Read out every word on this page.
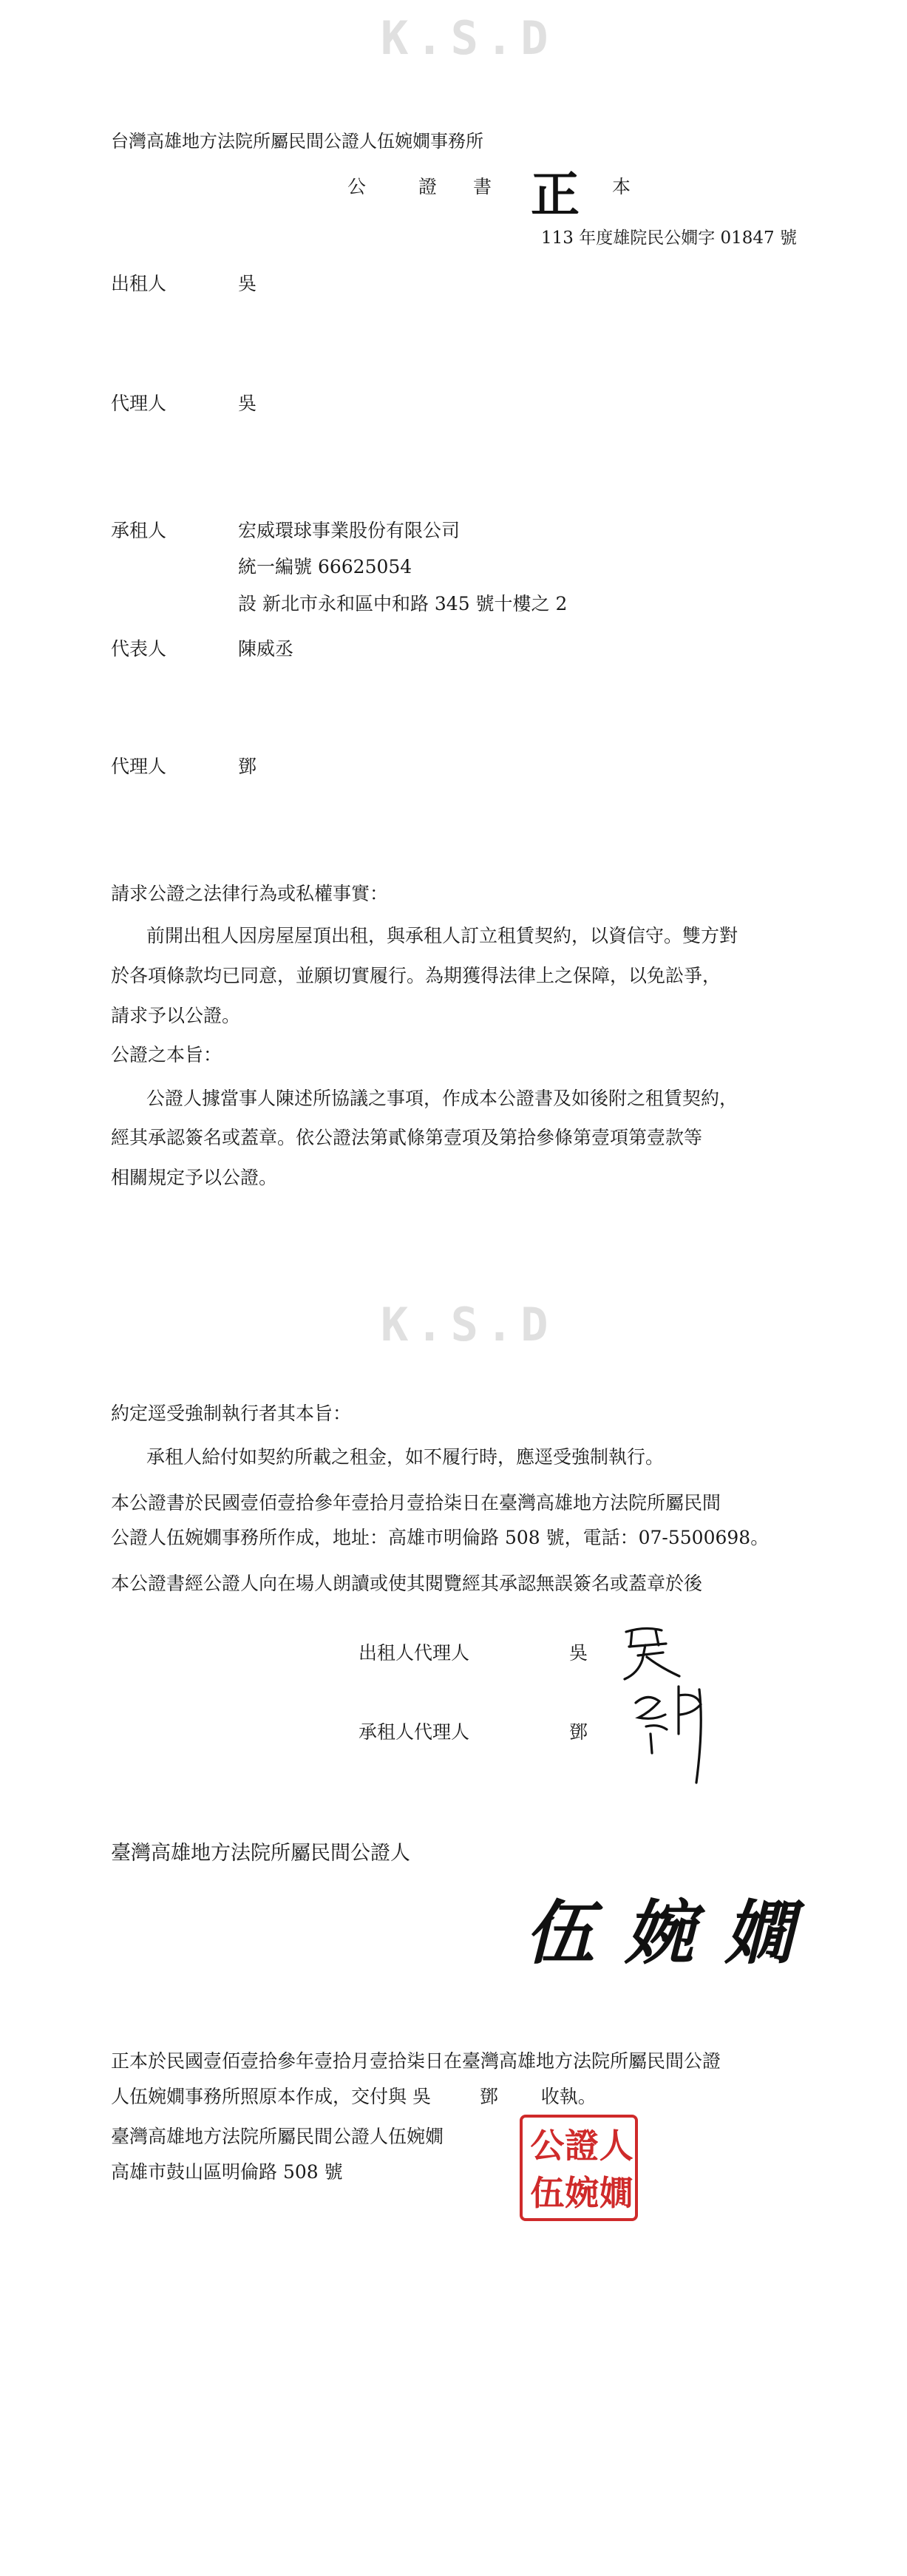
K.S.D
K.S.D
台灣高雄地方法院所屬民間公證人伍婉嫺事務所
公	證 書 正 本
113 年度雄院民公嫺字 01847 號
出租人	吳
代理人	吳
承租人	宏威環球事業股份有限公司
統一編號 66625054
設 新北市永和區中和路 345 號十樓之 2
代表人	陳威丞
代理人	鄧
請求公證之法律行為或私權事實：
前開出租人因房屋屋頂出租，與承租人訂立租賃契約，以資信守。雙方對
於各項條款均已同意，並願切實履行。為期獲得法律上之保障，以免訟爭，
請求予以公證。
公證之本旨：
公證人據當事人陳述所協議之事項，作成本公證書及如後附之租賃契約，
經其承認簽名或蓋章。依公證法第貳條第壹項及第拾參條第壹項第壹款等
相關規定予以公證。
約定逕受強制執行者其本旨：
承租人給付如契約所載之租金，如不履行時，應逕受強制執行。
本公證書於民國壹佰壹拾參年壹拾月壹拾柒日在臺灣高雄地方法院所屬民間
公證人伍婉嫺事務所作成，地址：高雄市明倫路 508 號，電話：07-5500698。
本公證書經公證人向在場人朗讀或使其閱覽經其承認無誤簽名或蓋章於後
出租人代理人	吳
承租人代理人	鄧
臺灣高雄地方法院所屬民間公證人
伍 婉 嫺
正本於民國壹佰壹拾參年壹拾月壹拾柒日在臺灣高雄地方法院所屬民間公證
人伍婉嫺事務所照原本作成，交付與 吳 　 　鄧 　　收執。
臺灣高雄地方法院所屬民間公證人伍婉嫺
高雄市鼓山區明倫路 508 號
公 證 人
伍 婉 嫺
